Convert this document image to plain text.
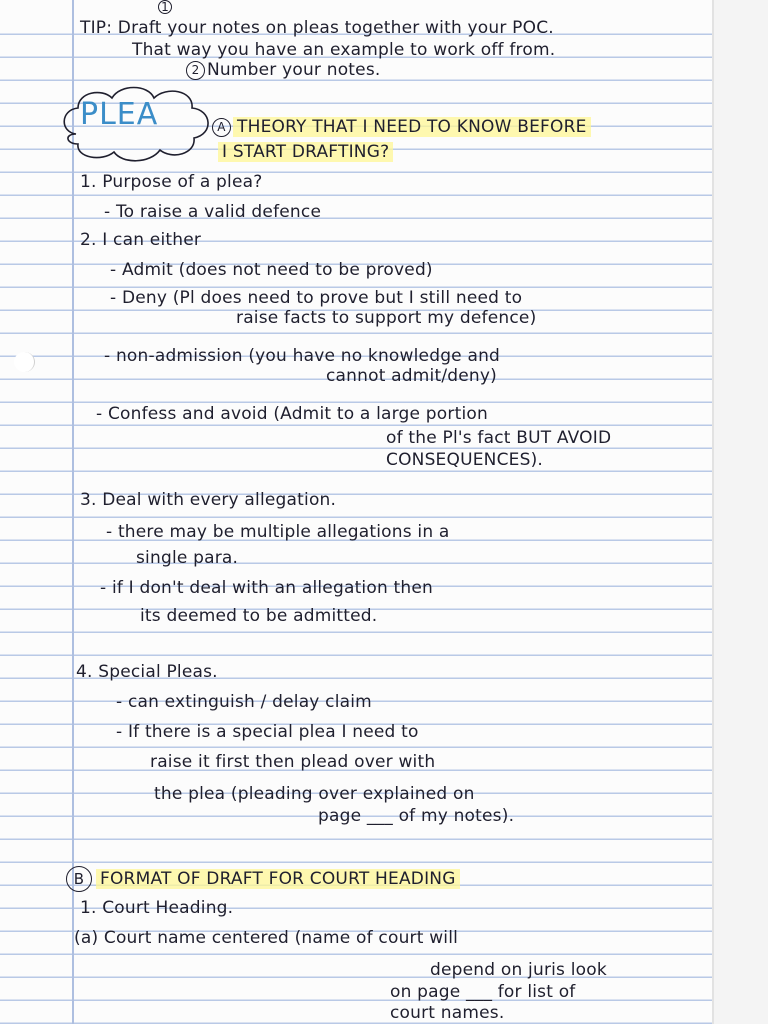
1
TIP: Draft your notes on pleas together with your POC.
That way you have an example to work off from.
2 Number your notes.
PLEA	A THEORY THAT I NEED TO KNOW BEFORE
I START DRAFTING?
1. Purpose of a plea?
- To raise a valid defence
2. I can either
- Admit (does not need to be proved)
- Deny (Pl does need to prove but I still need to
raise facts to support my defence)
- non-admission (you have no knowledge and
cannot admit/deny)
- Confess and avoid (Admit to a large portion
of the Pl's fact BUT AVOID
CONSEQUENCES).
3. Deal with every allegation.
- there may be multiple allegations in a
single para.
- if I don't deal with an allegation then
its deemed to be admitted.
4. Special Pleas.
- can extinguish / delay claim
- If there is a special plea I need to
raise it first then plead over with
the plea (pleading over explained on
page ___ of my notes).
B FORMAT OF DRAFT FOR COURT HEADING
1. Court Heading.
(a) Court name centered (name of court will
depend on juris look
on page ___ for list of
court names.
